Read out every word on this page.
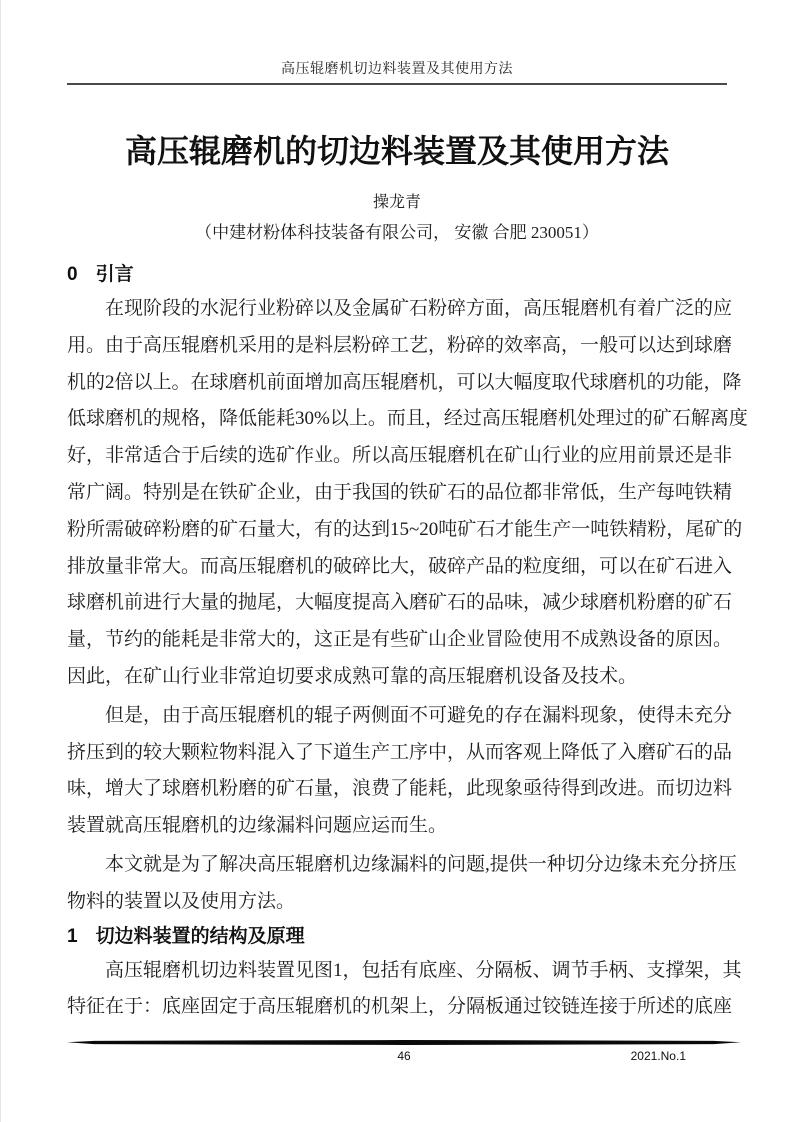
高压辊磨机切边料装置及其使用方法
高压辊磨机的切边料装置及其使用方法
操龙青
（中建材粉体科技装备有限公司， 安徽 合肥 230051）
0 引言
在现阶段的水泥行业粉碎以及金属矿石粉碎方面，高压辊磨机有着广泛的应
用。由于高压辊磨机采用的是料层粉碎工艺，粉碎的效率高，一般可以达到球磨
机的2倍以上。在球磨机前面增加高压辊磨机，可以大幅度取代球磨机的功能，降
低球磨机的规格，降低能耗30%以上。而且，经过高压辊磨机处理过的矿石解离度
好，非常适合于后续的选矿作业。所以高压辊磨机在矿山行业的应用前景还是非
常广阔。特别是在铁矿企业，由于我国的铁矿石的品位都非常低，生产每吨铁精
粉所需破碎粉磨的矿石量大，有的达到15~20吨矿石才能生产一吨铁精粉，尾矿的
排放量非常大。而高压辊磨机的破碎比大，破碎产品的粒度细，可以在矿石进入
球磨机前进行大量的抛尾，大幅度提高入磨矿石的品味，减少球磨机粉磨的矿石
量，节约的能耗是非常大的，这正是有些矿山企业冒险使用不成熟设备的原因。
因此，在矿山行业非常迫切要求成熟可靠的高压辊磨机设备及技术。
但是，由于高压辊磨机的辊子两侧面不可避免的存在漏料现象，使得未充分
挤压到的较大颗粒物料混入了下道生产工序中，从而客观上降低了入磨矿石的品
味，增大了球磨机粉磨的矿石量，浪费了能耗，此现象亟待得到改进。而切边料
装置就高压辊磨机的边缘漏料问题应运而生。
本文就是为了解决高压辊磨机边缘漏料的问题,提供一种切分边缘未充分挤压
物料的装置以及使用方法。
1 切边料装置的结构及原理
高压辊磨机切边料装置见图1，包括有底座、分隔板、调节手柄、支撑架，其
特征在于：底座固定于高压辊磨机的机架上，分隔板通过铰链连接于所述的底座
46	2021.No.1
